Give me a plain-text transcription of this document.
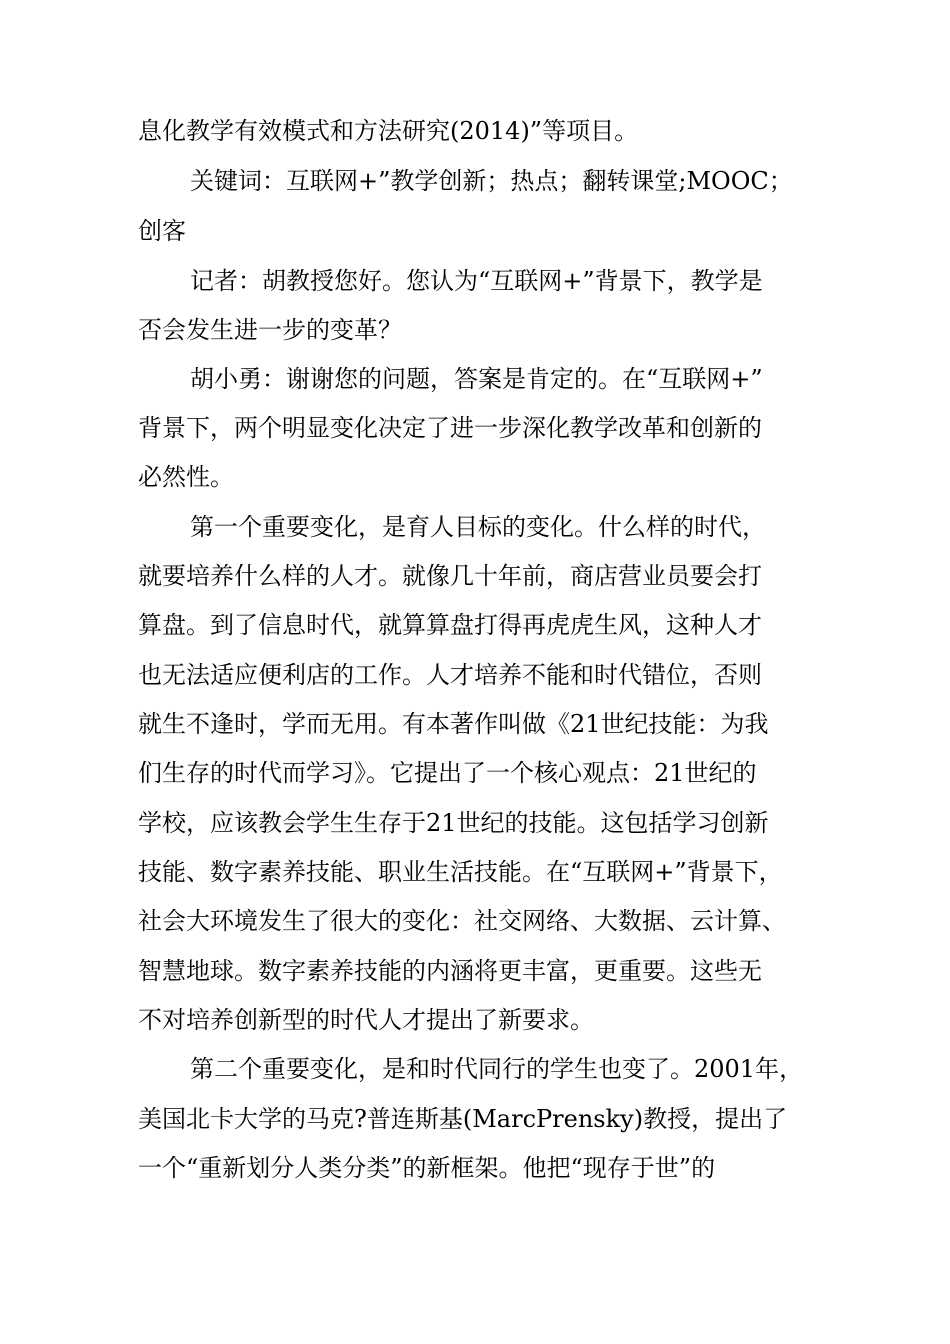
息化教学有效模式和方法研究(2014)”等项目。
关键词：互联网+”教学创新；热点；翻转课堂;MOOC；
创客
记者：胡教授您好。您认为“互联网+”背景下，教学是
否会发生进一步的变革？
胡小勇：谢谢您的问题，答案是肯定的。在“互联网+”
背景下，两个明显变化决定了进一步深化教学改革和创新的
必然性。
第一个重要变化，是育人目标的变化。什么样的时代，
就要培养什么样的人才。就像几十年前，商店营业员要会打
算盘。到了信息时代，就算算盘打得再虎虎生风，这种人才
也无法适应便利店的工作。人才培养不能和时代错位，否则
就生不逢时，学而无用。有本著作叫做《21世纪技能：为我
们生存的时代而学习》。它提出了一个核心观点：21世纪的
学校，应该教会学生生存于21世纪的技能。这包括学习创新
技能、数字素养技能、职业生活技能。在“互联网+”背景下，
社会大环境发生了很大的变化：社交网络、大数据、云计算、
智慧地球。数字素养技能的内涵将更丰富，更重要。这些无
不对培养创新型的时代人才提出了新要求。
第二个重要变化，是和时代同行的学生也变了。2001年，
美国北卡大学的马克?普连斯基(MarcPrensky)教授，提出了
一个“重新划分人类分类”的新框架。他把“现存于世”的
